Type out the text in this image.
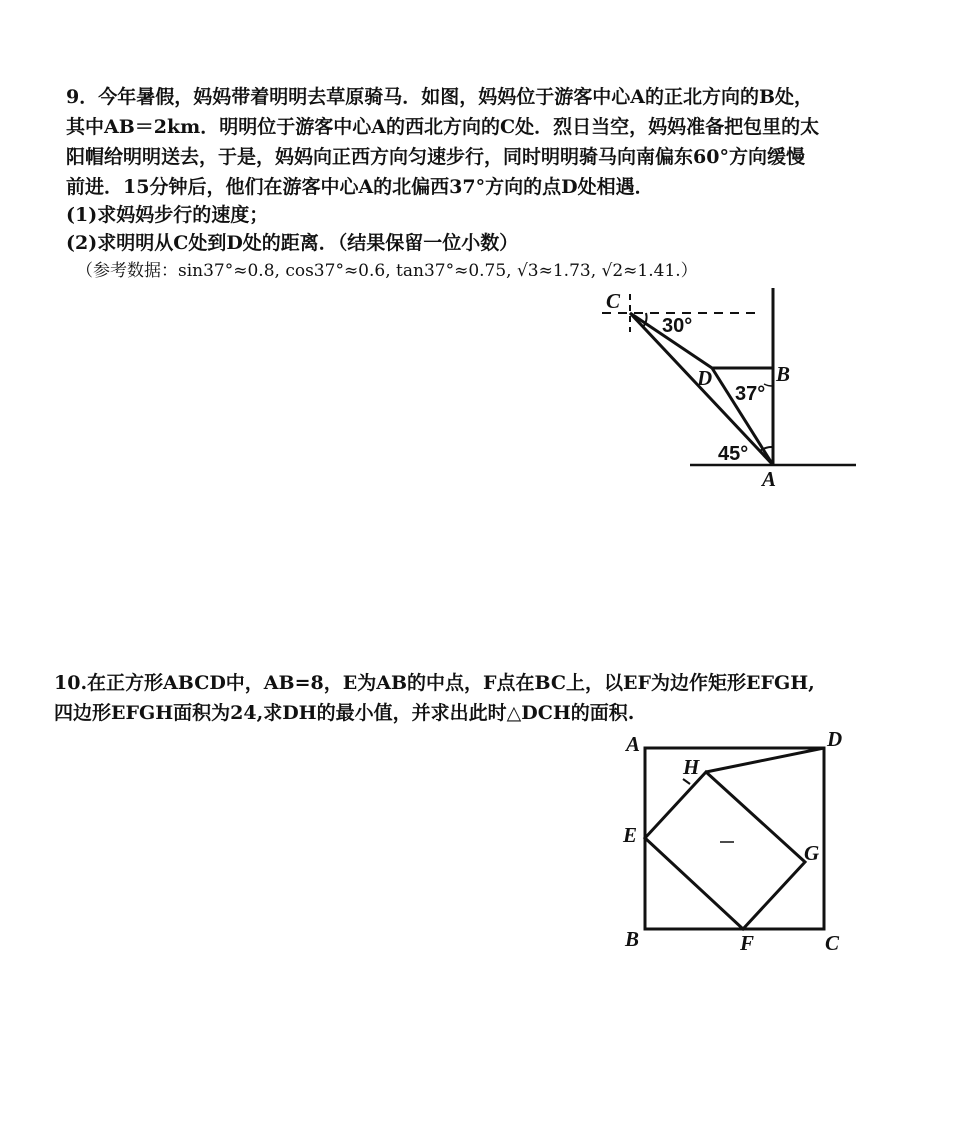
9．今年暑假，妈妈带着明明去草原骑马．如图，妈妈位于游客中心A的正北方向的B处，
其中AB＝2km．明明位于游客中心A的西北方向的C处．烈日当空，妈妈准备把包里的太
阳帽给明明送去，于是，妈妈向正西方向匀速步行，同时明明骑马向南偏东60°方向缓慢
前进．15分钟后，他们在游客中心A的北偏西37°方向的点D处相遇．
(1)求妈妈步行的速度；
(2)求明明从C处到D处的距离．（结果保留一位小数）
（参考数据：sin37°≈0.8, cos37°≈0.6, tan37°≈0.75, √3≈1.73, √2≈1.41.）
C
D	B
A
30°
37°
45°
10.在正方形ABCD中，AB=8，E为AB的中点，F点在BC上，以EF为边作矩形EFGH,
四边形EFGH面积为24,求DH的最小值，并求出此时△DCH的面积.
A	D
H
E
G
B	F	C
